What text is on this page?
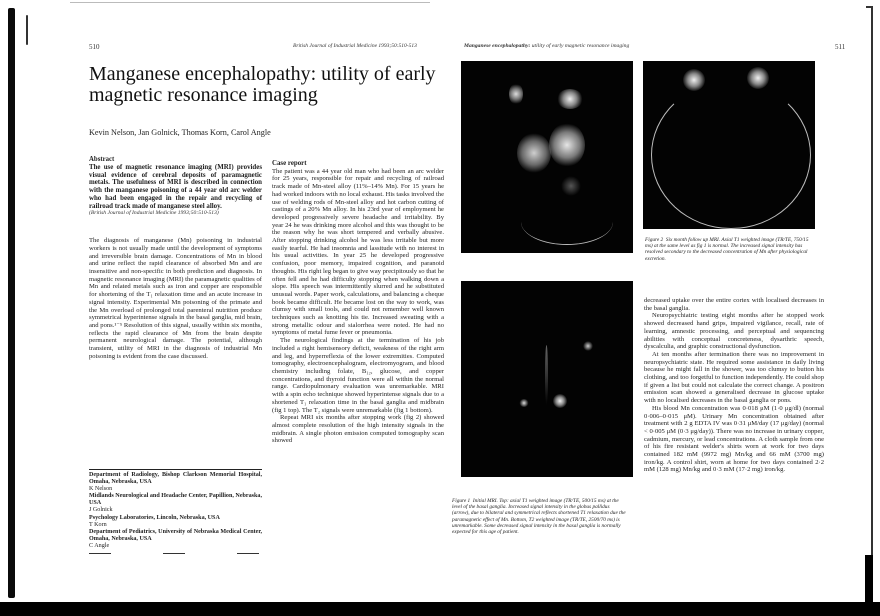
510	British Journal of Industrial Medicine 1993;50:510-513
Manganese encephalopathy: utility of early magnetic resonance imaging
Kevin Nelson, Jan Golnick, Thomas Korn, Carol Angle
Abstract

The use of magnetic resonance imaging (MRI) provides visual evidence of cerebral deposits of paramagnetic metals. The usefulness of MRI is described in connection with the manganese poisoning of a 44 year old arc welder who had been engaged in the repair and recycling of railroad track made of manganese steel alloy.

(British Journal of Industrial Medicine 1993;50:510-513)

The diagnosis of manganese (Mn) poisoning in industrial workers is not usually made until the development of symptoms and irreversible brain damage. Concentrations of Mn in blood and urine reflect the rapid clearance of absorbed Mn and are insensitive and non-specific in both prediction and diagnosis. In magnetic resonance imaging (MRI) the paramagnetic qualities of Mn and related metals such as iron and copper are responsible for shortening of the T₁ relaxation time and an acute increase in signal intensity. Experimental Mn poisoning of the primate and the Mn overload of prolonged total parenteral nutrition produce symmetrical hyperintense signals in the basal ganglia, mid brain, and pons.¹⁻⁵ Resolution of this signal, usually within six months, reflects the rapid clearance of Mn from the brain despite permanent neurological damage. The potential, although transient, utility of MRI in the diagnosis of industrial Mn poisoning is evident from the case discussed.

Department of Radiology, Bishop Clarkson Memorial Hospital, Omaha, Nebraska, USA
K Nelson
Midlands Neurological and Headache Center, Papillion, Nebraska, USA
J Golnick
Psychology Laboratories, Lincoln, Nebraska, USA
T Korn
Department of Pediatrics, University of Nebraska Medical Center, Omaha, Nebraska, USA
C Angle
Case report

The patient was a 44 year old man who had been an arc welder for 25 years, responsible for repair and recycling of railroad track made of Mn-steel alloy (11%–14% Mn). For 15 years he had worked indoors with no local exhaust. His tasks involved the use of welding rods of Mn-steel alloy and hot carbon cutting of castings of a 20% Mn alloy. In his 23rd year of employment he developed progressively severe headache and irritability. By year 24 he was drinking more alcohol and this was thought to be the reason why he was short tempered and verbally abusive. After stopping drinking alcohol he was less irritable but more easily tearful. He had insomnia and lassitude with no interest in his usual activities. In year 25 he developed progressive confusion, poor memory, impaired cognition, and paranoid thoughts. His right leg began to give way precipitously so that he often fell and he had difficulty stopping when walking down a slope. His speech was intermittently slurred and he substituted unusual words. Paper work, calculations, and balancing a cheque book became difficult. He became lost on the way to work, was clumsy with small tools, and could not remember well known techniques such as knotting his tie. Increased sweating with a strong metallic odour and sialorrhea were noted. He had no symptoms of metal fume fever or pneumonia.

The neurological findings at the termination of his job included a right hemisensory deficit, weakness of the right arm and leg, and hyperreflexia of the lower extremities. Computed tomography, electroencephalogram, electromyogram, and blood chemistry including folate, B₁₂, glucose, and copper concentrations, and thyroid function were all within the normal range. Cardiopulmonary evaluation was unremarkable. MRI with a spin echo technique showed hyperintense signals due to a shortened T₁ relaxation time in the basal ganglia and midbrain (fig 1 top). The T₂ signals were unremarkable (fig 1 bottom).

Repeat MRI six months after stopping work (fig 2) showed almost complete resolution of the high intensity signals in the midbrain. A single photon emission computed tomography scan showed

Manganese encephalopathy: utility of early magnetic resonance imaging	511
Figure 2 Six month follow up MRI. Axial T1 weighted image (TR/TE, 750/15 ms) at the same level as fig 1 is normal. The increased signal intensity has resolved secondary to the decreased concentration of Mn after physiological excretion.
Figure 1 Initial MRI. Top: axial T1 weighted image (TR/TE, 500/15 ms) at the level of the basal ganglia. Increased signal intensity in the globus pallidus (arrow), due to bilateral and symmetrical reflects shortened T1 relaxation due the paramagnetic effect of Mn. Bottom, T2 weighted image (TR/TE, 2500/70 ms) is unremarkable. Some decreased signal intensity in the basal ganglia is normally expected for this age of patient.

decreased uptake over the entire cortex with localised decreases in the basal ganglia.

Neuropsychiatric testing eight months after he stopped work showed decreased hand grips, impaired vigilance, recall, rate of learning, amnestic processing, and perceptual and sequencing abilities with conceptual concreteness, dysarthric speech, dyscalculia, and graphic constructional dysfunction.

At ten months after termination there was no improvement in neuropsychiatric state. He required some assistance in daily living because he might fall in the shower, was too clumsy to button his clothing, and too forgetful to function independently. He could shop if given a list but could not calculate the correct change. A positron emission scan showed a generalised decrease in glucose uptake with no localised decreases in the basal ganglia or pons.

His blood Mn concentration was 0·018 μM (1·0 μg/dl) (normal 0·006–0·015 μM). Urinary Mn concentration obtained after treatment with 2 g EDTA IV was 0·31 μM/day (17 μg/day) (normal < 0·005 μM (0·3 μg/day)). There was no increase in urinary copper, cadmium, mercury, or lead concentrations. A cloth sample from one of his fire resistant welder's shirts worn at work for two days contained 182 mM (9972 mg) Mn/kg and 66 mM (3700 mg) iron/kg. A control shirt, worn at home for two days contained 2·2 mM (128 mg) Mn/kg and 0·3 mM (17·2 mg) iron/kg.
